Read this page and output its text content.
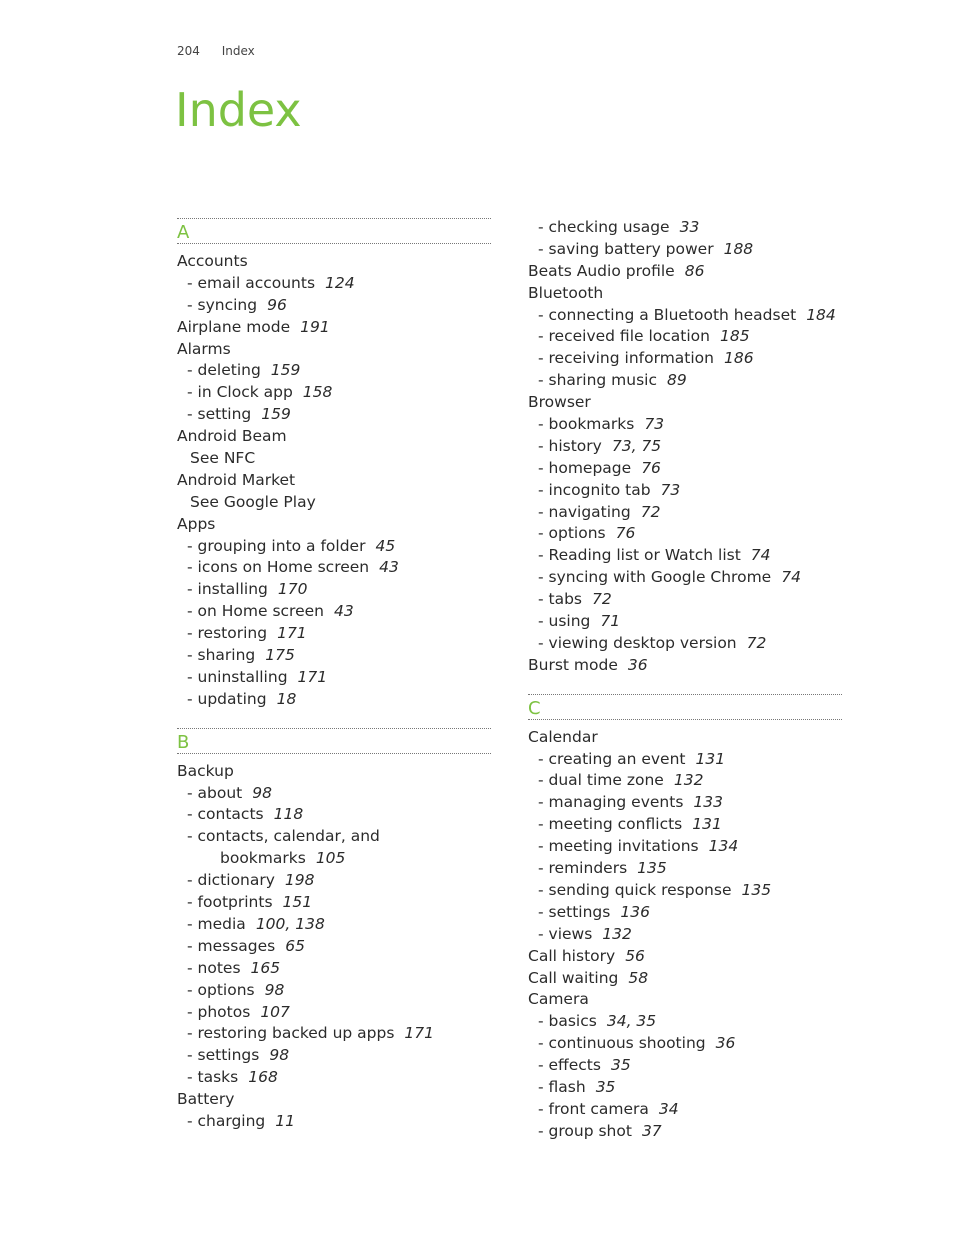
204 Index
Index
A
Accounts
- email accounts 124
- syncing 96
Airplane mode 191
Alarms
- deleting 159
- in Clock app 158
- setting 159
Android Beam
See NFC
Android Market
See Google Play
Apps
- grouping into a folder 45
- icons on Home screen 43
- installing 170
- on Home screen 43
- restoring 171
- sharing 175
- uninstalling 171
- updating 18
B
Backup
- about 98
- contacts 118
- contacts, calendar, and
bookmarks 105
- dictionary 198
- footprints 151
- media 100, 138
- messages 65
- notes 165
- options 98
- photos 107
- restoring backed up apps 171
- settings 98
- tasks 168
Battery
- charging 11
- checking usage 33
- saving battery power 188
Beats Audio profile 86
Bluetooth
- connecting a Bluetooth headset 184
- received file location 185
- receiving information 186
- sharing music 89
Browser
- bookmarks 73
- history 73, 75
- homepage 76
- incognito tab 73
- navigating 72
- options 76
- Reading list or Watch list 74
- syncing with Google Chrome 74
- tabs 72
- using 71
- viewing desktop version 72
Burst mode 36
C
Calendar
- creating an event 131
- dual time zone 132
- managing events 133
- meeting conflicts 131
- meeting invitations 134
- reminders 135
- sending quick response 135
- settings 136
- views 132
Call history 56
Call waiting 58
Camera
- basics 34, 35
- continuous shooting 36
- effects 35
- flash 35
- front camera 34
- group shot 37
